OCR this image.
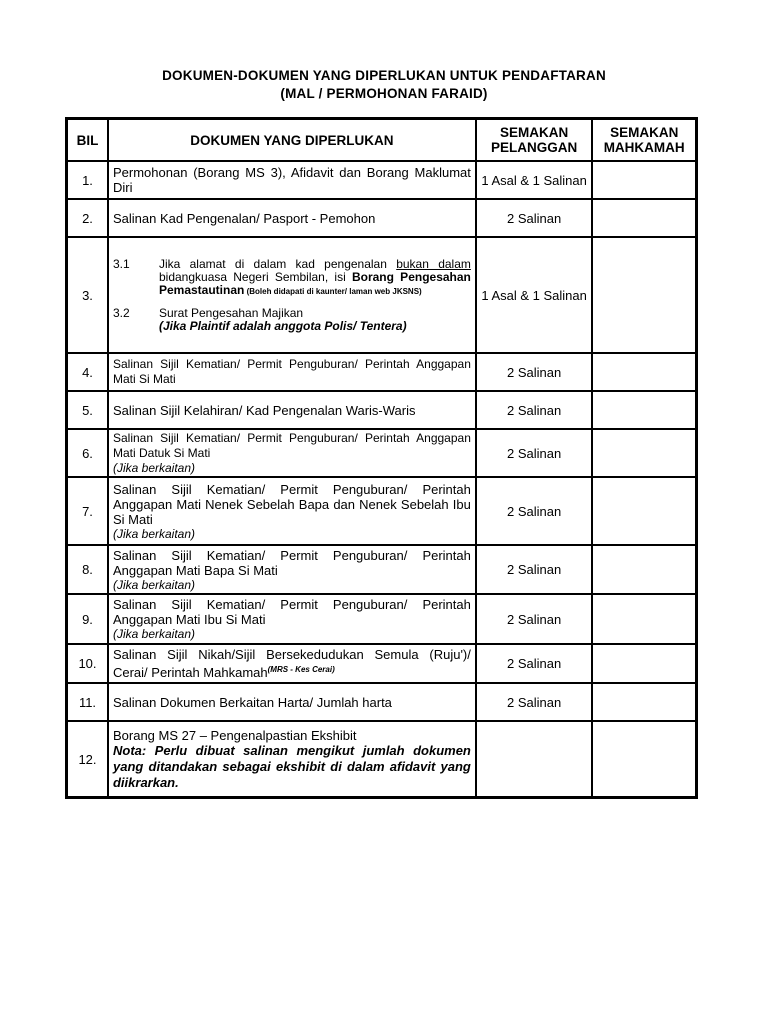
DOKUMEN-DOKUMEN YANG DIPERLUKAN UNTUK PENDAFTARAN
(MAL / PERMOHONAN FARAID)
BIL	DOKUMEN YANG DIPERLUKAN	SEMAKAN PELANGGAN	SEMAKAN MAHKAMAH
1.	Permohonan (Borang MS 3), Afidavit dan Borang Maklumat Diri	1 Asal & 1 Salinan	
2.	Salinan Kad Pengenalan/ Pasport - Pemohon	2 Salinan	
3.	3.1 Jika alamat di dalam kad pengenalan bukan dalam bidangkuasa Negeri Sembilan, isi Borang Pengesahan Pemastautinan (Boleh didapati di kaunter/ laman web JKSNS)
3.2 Surat Pengesahan Majikan
(Jika Plaintif adalah anggota Polis/ Tentera)	1 Asal & 1 Salinan	
4.	Salinan Sijil Kematian/ Permit Penguburan/ Perintah Anggapan Mati Si Mati	2 Salinan	
5.	Salinan Sijil Kelahiran/ Kad Pengenalan Waris-Waris	2 Salinan	
6.	Salinan Sijil Kematian/ Permit Penguburan/ Perintah Anggapan Mati Datuk Si Mati
(Jika berkaitan)	2 Salinan	
7.	Salinan Sijil Kematian/ Permit Penguburan/ Perintah Anggapan Mati Nenek Sebelah Bapa dan Nenek Sebelah Ibu Si Mati
(Jika berkaitan)	2 Salinan	
8.	Salinan Sijil Kematian/ Permit Penguburan/ Perintah Anggapan Mati Bapa Si Mati
(Jika berkaitan)	2 Salinan	
9.	Salinan Sijil Kematian/ Permit Penguburan/ Perintah Anggapan Mati Ibu Si Mati
(Jika berkaitan)	2 Salinan	
10.	Salinan Sijil Nikah/Sijil Bersekedudukan Semula (Ruju')/ Cerai/ Perintah Mahkamah$^{(MRS - Kes Cerai)}$	2 Salinan	
11.	Salinan Dokumen Berkaitan Harta/ Jumlah harta	2 Salinan	
12.	Borang MS 27 – Pengenalpastian Ekshibit
Nota: Perlu dibuat salinan mengikut jumlah dokumen yang ditandakan sebagai ekshibit di dalam afidavit yang diikrarkan.		
